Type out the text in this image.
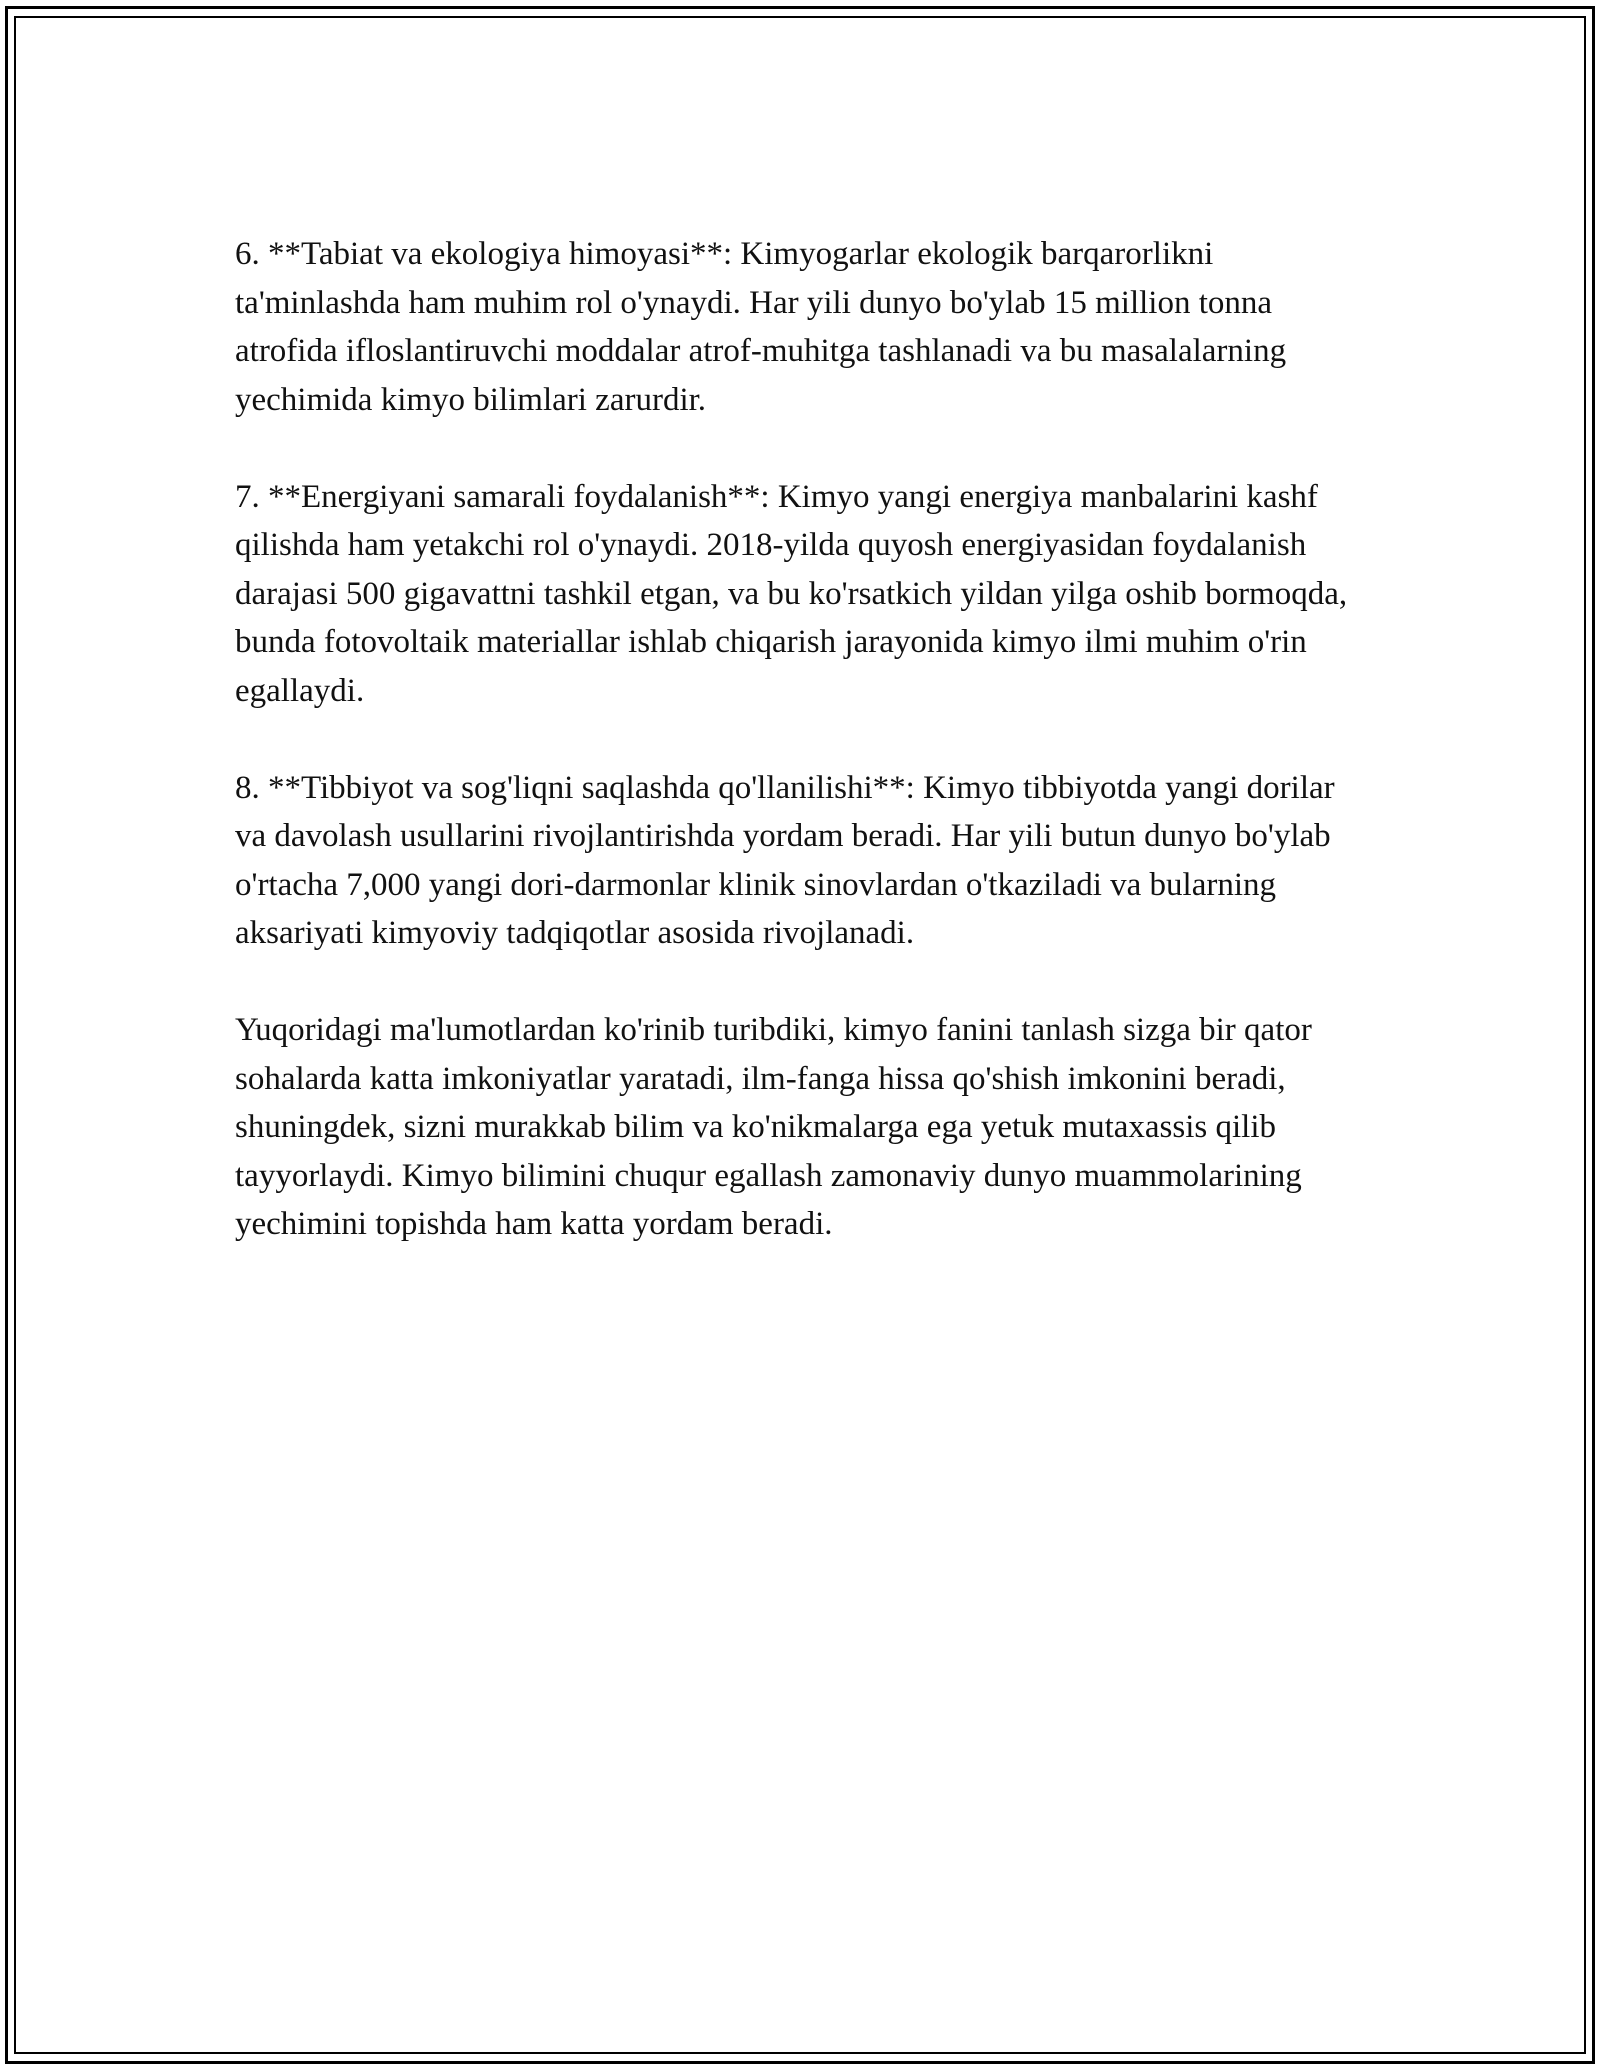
6. **Tabiat va ekologiya himoyasi**: Kimyogarlar ekologik barqarorlikni ta'minlashda ham muhim rol o'ynaydi. Har yili dunyo bo'ylab 15 million tonna atrofida ifloslantiruvchi moddalar atrof-muhitga tashlanadi va bu masalalarning yechimida kimyo bilimlari zarurdir.

7. **Energiyani samarali foydalanish**: Kimyo yangi energiya manbalarini kashf qilishda ham yetakchi rol o'ynaydi. 2018-yilda quyosh energiyasidan foydalanish darajasi 500 gigavattni tashkil etgan, va bu ko'rsatkich yildan yilga oshib bormoqda, bunda fotovoltaik materiallar ishlab chiqarish jarayonida kimyo ilmi muhim o'rin egallaydi.

8. **Tibbiyot va sog'liqni saqlashda qo'llanilishi**: Kimyo tibbiyotda yangi dorilar va davolash usullarini rivojlantirishda yordam beradi. Har yili butun dunyo bo'ylab o'rtacha 7,000 yangi dori-darmonlar klinik sinovlardan o'tkaziladi va bularning aksariyati kimyoviy tadqiqotlar asosida rivojlanadi.

Yuqoridagi ma'lumotlardan ko'rinib turibdiki, kimyo fanini tanlash sizga bir qator sohalarda katta imkoniyatlar yaratadi, ilm-fanga hissa qo'shish imkonini beradi, shuningdek, sizni murakkab bilim va ko'nikmalarga ega yetuk mutaxassis qilib tayyorlaydi. Kimyo bilimini chuqur egallash zamonaviy dunyo muammolarining yechimini topishda ham katta yordam beradi.
